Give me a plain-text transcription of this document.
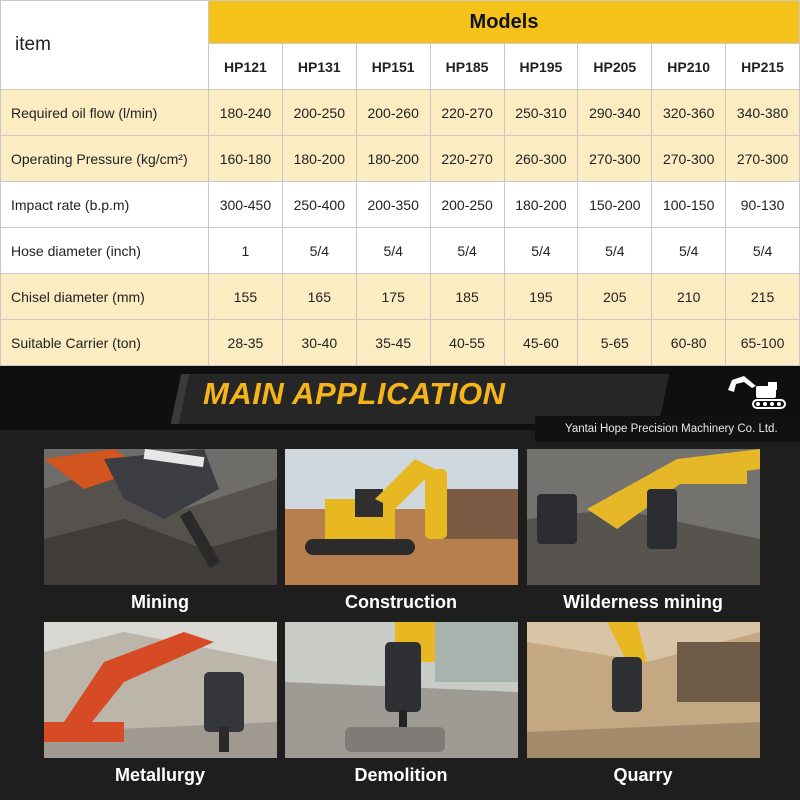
item	Models							
	HP121	HP131	HP151	HP185	HP195	HP205	HP210	HP215
Required oil flow (l/min)	180-240	200-250	200-260	220-270	250-310	290-340	320-360	340-380
Operating Pressure (kg/cm²)	160-180	180-200	180-200	220-270	260-300	270-300	270-300	270-300
Impact rate (b.p.m)	300-450	250-400	200-350	200-250	180-200	150-200	100-150	90-130
Hose diameter (inch)	1	5/4	5/4	5/4	5/4	5/4	5/4	5/4
Chisel diameter (mm)	155	165	175	185	195	205	210	215
Suitable Carrier (ton)	28-35	30-40	35-45	40-55	45-60	5-65	60-80	65-100
MAIN APPLICATION
Yantai Hope Precision Machinery Co. Ltd.
Mining	Construction	Wilderness mining
Metallurgy	Demolition	Quarry
